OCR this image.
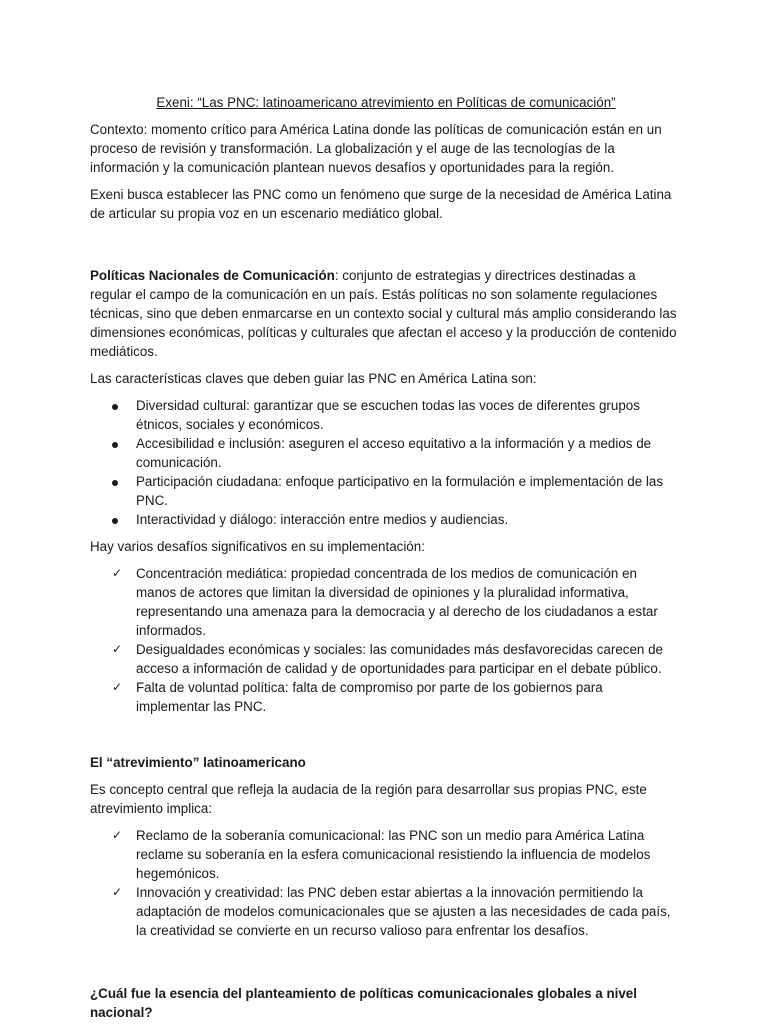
Exeni: “Las PNC: latinoamericano atrevimiento en Políticas de comunicación”

Contexto: momento crítico para América Latina donde las políticas de comunicación están en un proceso de revisión y transformación. La globalización y el auge de las tecnologías de la información y la comunicación plantean nuevos desafíos y oportunidades para la región.

Exeni busca establecer las PNC como un fenómeno que surge de la necesidad de América Latina de articular su propia voz en un escenario mediático global.

Políticas Nacionales de Comunicación: conjunto de estrategias y directrices destinadas a regular el campo de la comunicación en un país. Estás políticas no son solamente regulaciones técnicas, sino que deben enmarcarse en un contexto social y cultural más amplio considerando las dimensiones económicas, políticas y culturales que afectan el acceso y la producción de contenido mediáticos.

Las características claves que deben guiar las PNC en América Latina son:

Diversidad cultural: garantizar que se escuchen todas las voces de diferentes grupos étnicos, sociales y económicos.
Accesibilidad e inclusión: aseguren el acceso equitativo a la información y a medios de comunicación.
Participación ciudadana: enfoque participativo en la formulación e implementación de las PNC.
Interactividad y diálogo: interacción entre medios y audiencias.

Hay varios desafíos significativos en su implementación:

✓ Concentración mediática: propiedad concentrada de los medios de comunicación en manos de actores que limitan la diversidad de opiniones y la pluralidad informativa, representando una amenaza para la democracia y al derecho de los ciudadanos a estar informados.
✓ Desigualdades económicas y sociales: las comunidades más desfavorecidas carecen de acceso a información de calidad y de oportunidades para participar en el debate público.
✓ Falta de voluntad política: falta de compromiso por parte de los gobiernos para implementar las PNC.

El “atrevimiento” latinoamericano

Es concepto central que refleja la audacia de la región para desarrollar sus propias PNC, este atrevimiento implica:

✓ Reclamo de la soberanía comunicacional: las PNC son un medio para América Latina reclame su soberanía en la esfera comunicacional resistiendo la influencia de modelos hegemónicos.
✓ Innovación y creatividad: las PNC deben estar abiertas a la innovación permitiendo la adaptación de modelos comunicacionales que se ajusten a las necesidades de cada país, la creatividad se convierte en un recurso valioso para enfrentar los desafíos.

¿Cuál fue la esencia del planteamiento de políticas comunicacionales globales a nivel nacional?
